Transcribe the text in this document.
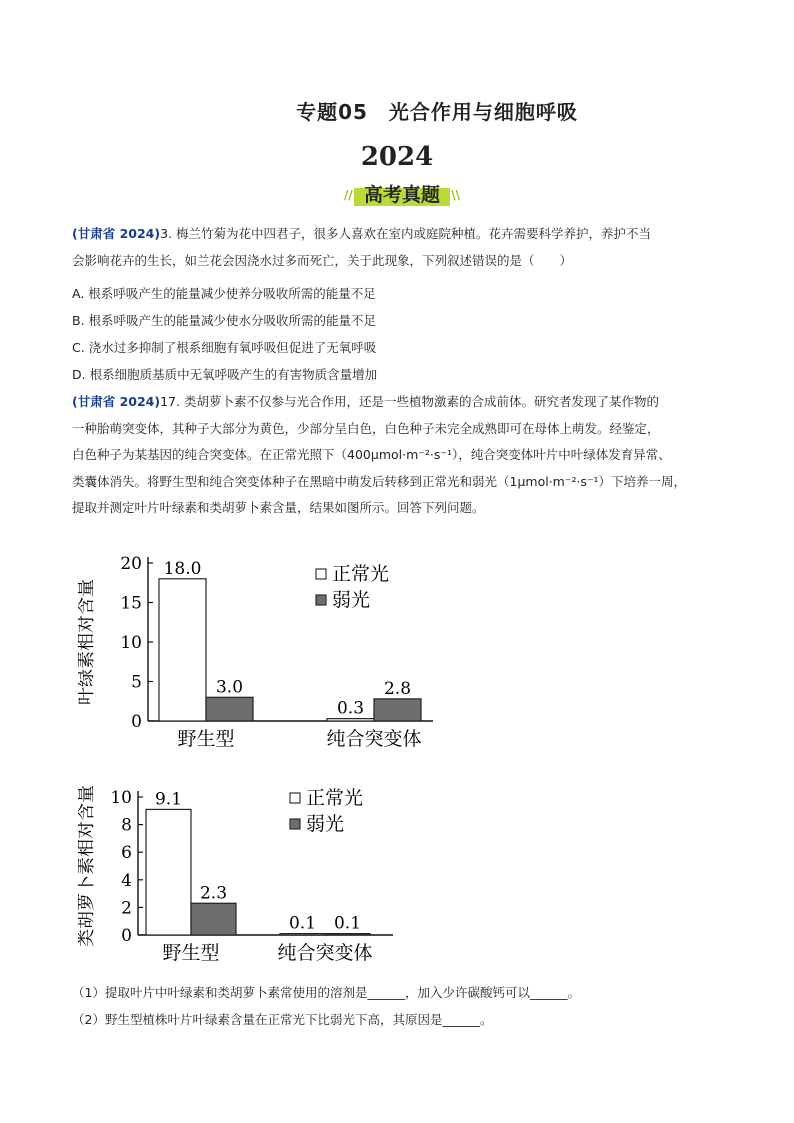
专题05　光合作用与细胞呼吸
2024
//	\\
高考真题
(甘肃省 2024)3. 梅兰竹菊为花中四君子，很多人喜欢在室内或庭院种植。花卉需要科学养护，养护不当
会影响花卉的生长，如兰花会因浇水过多而死亡，关于此现象，下列叙述错误的是（　　）
A. 根系呼吸产生的能量减少使养分吸收所需的能量不足
B. 根系呼吸产生的能量减少使水分吸收所需的能量不足
C. 浇水过多抑制了根系细胞有氧呼吸但促进了无氧呼吸
D. 根系细胞质基质中无氧呼吸产生的有害物质含量增加
(甘肃省 2024)17. 类胡萝卜素不仅参与光合作用，还是一些植物激素的合成前体。研究者发现了某作物的
一种胎萌突变体，其种子大部分为黄色，少部分呈白色，白色种子未完全成熟即可在母体上萌发。经鉴定，
白色种子为某基因的纯合突变体。在正常光照下（400μmol·m⁻²·s⁻¹），纯合突变体叶片中叶绿体发育异常、
类囊体消失。将野生型和纯合突变体种子在黑暗中萌发后转移到正常光和弱光（1μmol·m⁻²·s⁻¹）下培养一周，
提取并测定叶片叶绿素和类胡萝卜素含量，结果如图所示。回答下列问题。
叶绿素相对含量
0
5
10
15
20 18.0
3.0
野生型
0.3
2.8
纯合突变体
正常光
弱光
类胡萝卜素相对含量 0
2
4
6
8
10 9.1
2.3
野生型
0.1 0.1
纯合突变体
正常光
弱光
（1）提取叶片中叶绿素和类胡萝卜素常使用的溶剂是______，加入少许碳酸钙可以______。
（2）野生型植株叶片叶绿素含量在正常光下比弱光下高，其原因是______。
